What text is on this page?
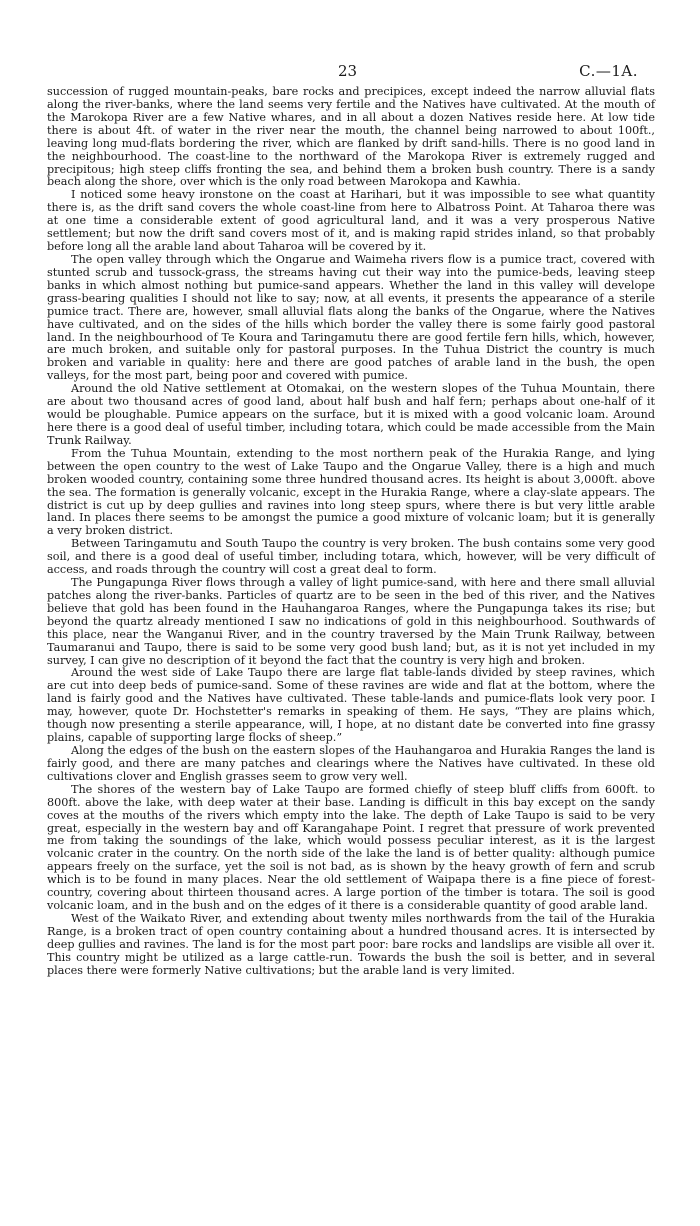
23	C.—1A.

succession of rugged mountain-peaks, bare rocks and precipices, except indeed the narrow alluvial flats along the river-banks, where the land seems very fertile and the Natives have cultivated. At the mouth of the Marokopa River are a few Native whares, and in all about a dozen Natives reside here. At low tide there is about 4ft. of water in the river near the mouth, the channel being narrowed to about 100ft., leaving long mud-flats bordering the river, which are flanked by drift sand-hills. There is no good land in the neighbourhood. The coast-line to the northward of the Marokopa River is extremely rugged and precipitous; high steep cliffs fronting the sea, and behind them a broken bush country. There is a sandy beach along the shore, over which is the only road between Marokopa and Kawhia.

I noticed some heavy ironstone on the coast at Harihari, but it was impossible to see what quantity there is, as the drift sand covers the whole coast-line from here to Albatross Point. At Taharoa there was at one time a considerable extent of good agricultural land, and it was a very prosperous Native settlement; but now the drift sand covers most of it, and is making rapid strides inland, so that probably before long all the arable land about Taharoa will be covered by it.

The open valley through which the Ongarue and Waimeha rivers flow is a pumice tract, covered with stunted scrub and tussock-grass, the streams having cut their way into the pumice-beds, leaving steep banks in which almost nothing but pumice-sand appears. Whether the land in this valley will develope grass-bearing qualities I should not like to say; now, at all events, it presents the appearance of a sterile pumice tract. There are, however, small alluvial flats along the banks of the Ongarue, where the Natives have cultivated, and on the sides of the hills which border the valley there is some fairly good pastoral land. In the neighbourhood of Te Koura and Taringamutu there are good fertile fern hills, which, however, are much broken, and suitable only for pastoral purposes. In the Tuhua District the country is much broken and variable in quality: here and there are good patches of arable land in the bush, the open valleys, for the most part, being poor and covered with pumice.

Around the old Native settlement at Otomakai, on the western slopes of the Tuhua Mountain, there are about two thousand acres of good land, about half bush and half fern; perhaps about one-half of it would be ploughable. Pumice appears on the surface, but it is mixed with a good volcanic loam. Around here there is a good deal of useful timber, including totara, which could be made accessible from the Main Trunk Railway.

From the Tuhua Mountain, extending to the most northern peak of the Hurakia Range, and lying between the open country to the west of Lake Taupo and the Ongarue Valley, there is a high and much broken wooded country, containing some three hundred thousand acres. Its height is about 3,000ft. above the sea. The formation is generally volcanic, except in the Hurakia Range, where a clay-slate appears. The district is cut up by deep gullies and ravines into long steep spurs, where there is but very little arable land. In places there seems to be amongst the pumice a good mixture of volcanic loam; but it is generally a very broken district.

Between Taringamutu and South Taupo the country is very broken. The bush contains some very good soil, and there is a good deal of useful timber, including totara, which, however, will be very difficult of access, and roads through the country will cost a great deal to form.

The Pungapunga River flows through a valley of light pumice-sand, with here and there small alluvial patches along the river-banks. Particles of quartz are to be seen in the bed of this river, and the Natives believe that gold has been found in the Hauhangaroa Ranges, where the Pungapunga takes its rise; but beyond the quartz already mentioned I saw no indications of gold in this neighbourhood. Southwards of this place, near the Wanganui River, and in the country traversed by the Main Trunk Railway, between Taumaranui and Taupo, there is said to be some very good bush land; but, as it is not yet included in my survey, I can give no description of it beyond the fact that the country is very high and broken.

Around the west side of Lake Taupo there are large flat table-lands divided by steep ravines, which are cut into deep beds of pumice-sand. Some of these ravines are wide and flat at the bottom, where the land is fairly good and the Natives have cultivated. These table-lands and pumice-flats look very poor. I may, however, quote Dr. Hochstetter's remarks in speaking of them. He says, “They are plains which, though now presenting a sterile appearance, will, I hope, at no distant date be converted into fine grassy plains, capable of supporting large flocks of sheep.”

Along the edges of the bush on the eastern slopes of the Hauhangaroa and Hurakia Ranges the land is fairly good, and there are many patches and clearings where the Natives have cultivated. In these old cultivations clover and English grasses seem to grow very well.

The shores of the western bay of Lake Taupo are formed chiefly of steep bluff cliffs from 600ft. to 800ft. above the lake, with deep water at their base. Landing is difficult in this bay except on the sandy coves at the mouths of the rivers which empty into the lake. The depth of Lake Taupo is said to be very great, especially in the western bay and off Karangahape Point. I regret that pressure of work prevented me from taking the soundings of the lake, which would possess peculiar interest, as it is the largest volcanic crater in the country. On the north side of the lake the land is of better quality: although pumice appears freely on the surface, yet the soil is not bad, as is shown by the heavy growth of fern and scrub which is to be found in many places. Near the old settlement of Waipapa there is a fine piece of forest-country, covering about thirteen thousand acres. A large portion of the timber is totara. The soil is good volcanic loam, and in the bush and on the edges of it there is a considerable quantity of good arable land.

West of the Waikato River, and extending about twenty miles northwards from the tail of the Hurakia Range, is a broken tract of open country containing about a hundred thousand acres. It is intersected by deep gullies and ravines. The land is for the most part poor: bare rocks and landslips are visible all over it. This country might be utilized as a large cattle-run. Towards the bush the soil is better, and in several places there were formerly Native cultivations; but the arable land is very limited.
